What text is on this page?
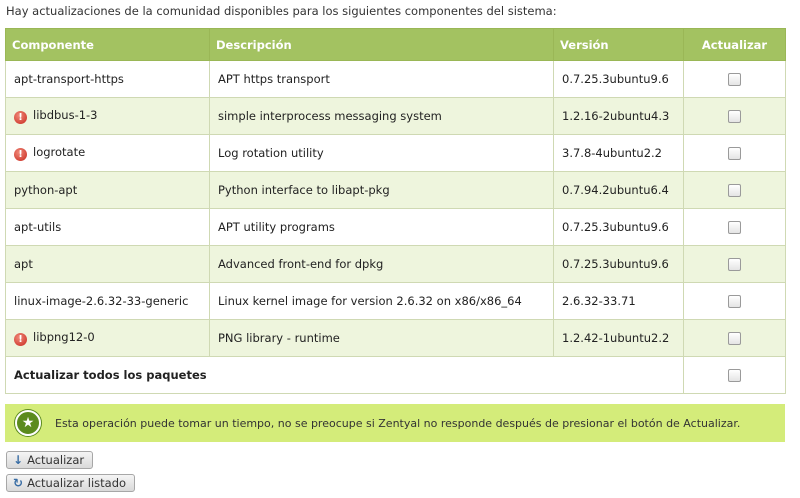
Hay actualizaciones de la comunidad disponibles para los siguientes componentes del sistema:
Componente	Descripción	Versión	Actualizar
apt-transport-https	APT https transport	0.7.25.3ubuntu9.6	
! libdbus-1-3	simple interprocess messaging system	1.2.16-2ubuntu4.3	
! logrotate	Log rotation utility	3.7.8-4ubuntu2.2	
python-apt	Python interface to libapt-pkg	0.7.94.2ubuntu6.4	
apt-utils	APT utility programs	0.7.25.3ubuntu9.6	
apt	Advanced front-end for dpkg	0.7.25.3ubuntu9.6	
linux-image-2.6.32-33-generic	Linux kernel image for version 2.6.32 on x86/x86_64	2.6.32-33.71	
! libpng12-0	PNG library - runtime	1.2.42-1ubuntu2.2	
Actualizar todos los paquetes			
★	Esta operación puede tomar un tiempo, no se preocupe si Zentyal no responde después de presionar el botón de Actualizar.
↓ Actualizar
↻ Actualizar listado
